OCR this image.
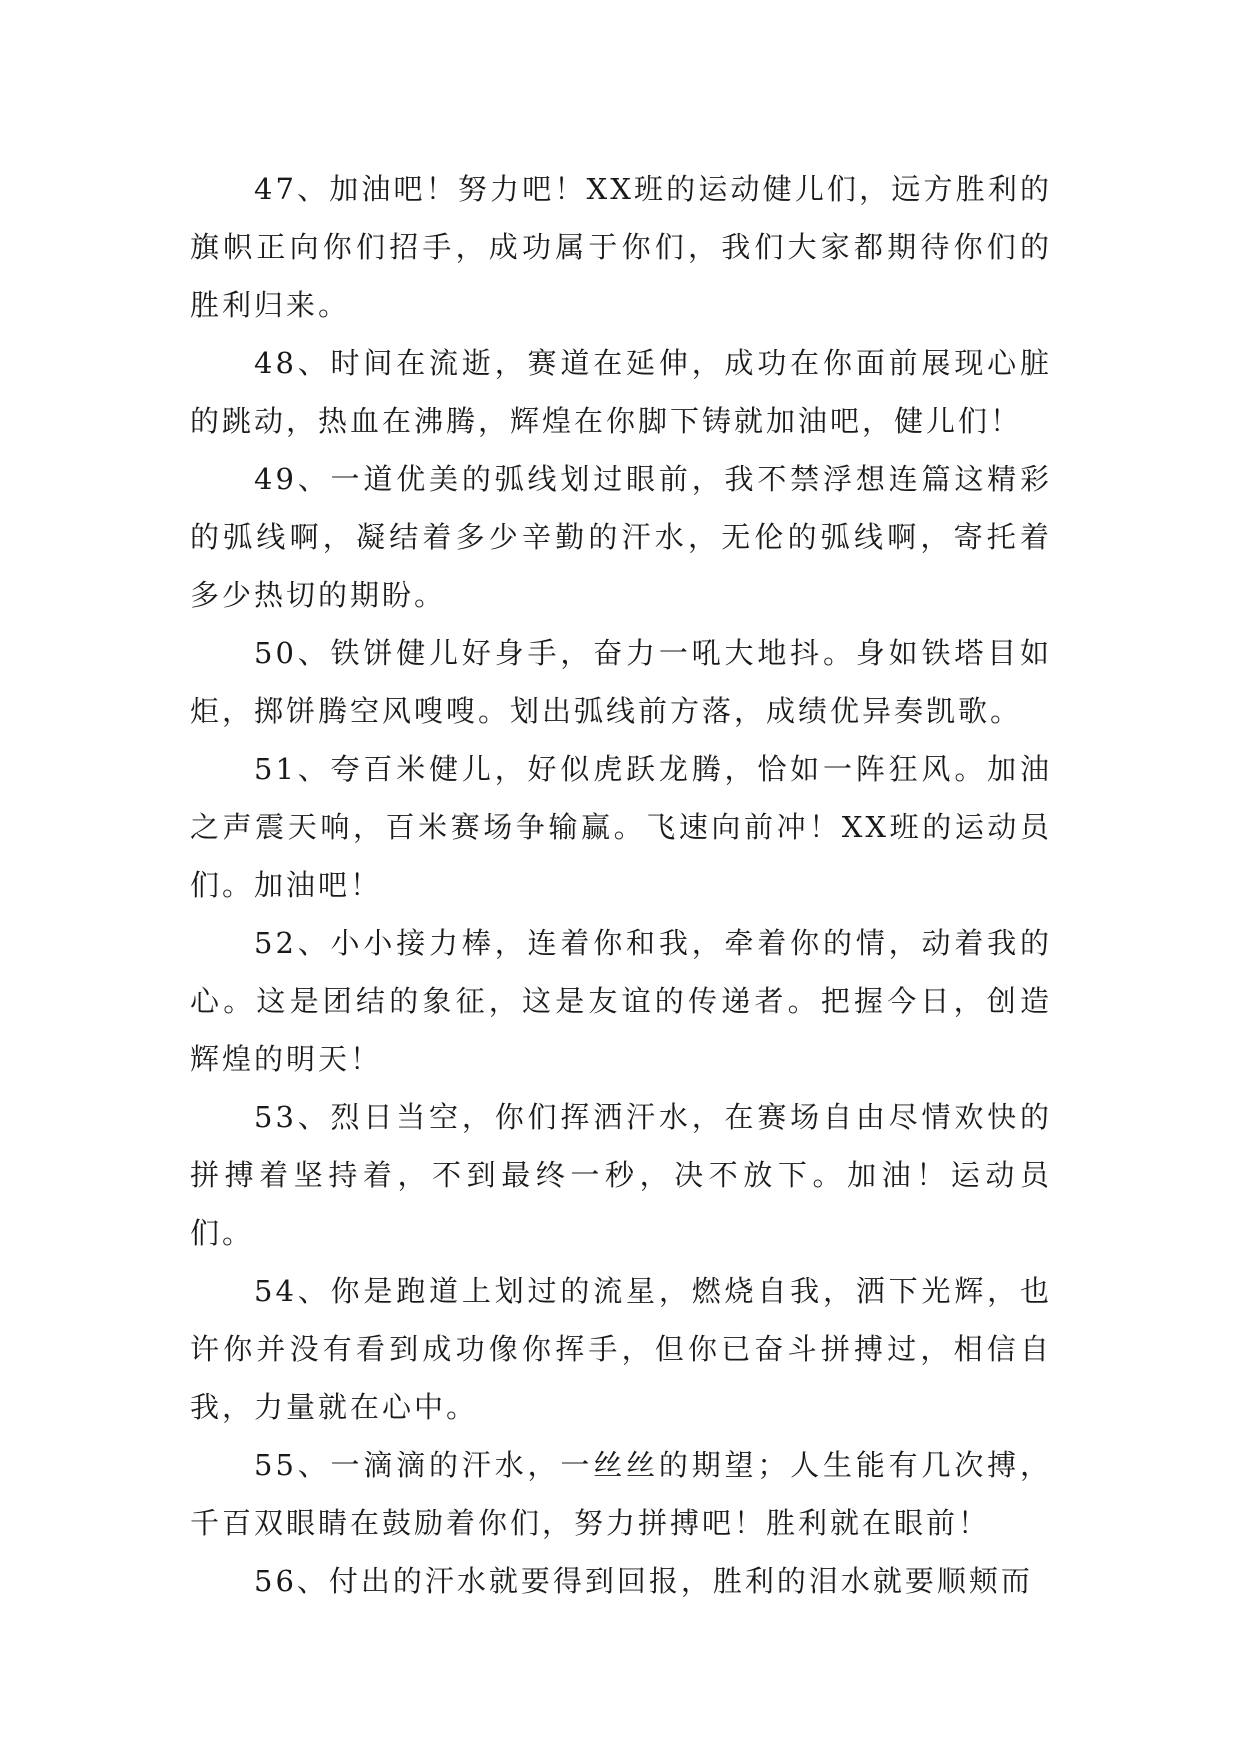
47、加油吧！努力吧！XX班的运动健儿们，远方胜利的旗帜正向你们招手，成功属于你们，我们大家都期待你们的胜利归来。

48、时间在流逝，赛道在延伸，成功在你面前展现心脏的跳动，热血在沸腾，辉煌在你脚下铸就加油吧，健儿们！

49、一道优美的弧线划过眼前，我不禁浮想连篇这精彩的弧线啊，凝结着多少辛勤的汗水，无伦的弧线啊，寄托着多少热切的期盼。

50、铁饼健儿好身手，奋力一吼大地抖。身如铁塔目如炬，掷饼腾空风嗖嗖。划出弧线前方落，成绩优异奏凯歌。

51、夸百米健儿，好似虎跃龙腾，恰如一阵狂风。加油之声震天响，百米赛场争输赢。飞速向前冲！XX班的运动员们。加油吧！

52、小小接力棒，连着你和我，牵着你的情，动着我的心。这是团结的象征，这是友谊的传递者。把握今日，创造辉煌的明天！

53、烈日当空，你们挥洒汗水，在赛场自由尽情欢快的拼搏着坚持着，不到最终一秒，决不放下。加油！运动员们。

54、你是跑道上划过的流星，燃烧自我，洒下光辉，也许你并没有看到成功像你挥手，但你已奋斗拼搏过，相信自我，力量就在心中。

55、一滴滴的汗水，一丝丝的期望；人生能有几次搏，千百双眼睛在鼓励着你们，努力拼搏吧！胜利就在眼前！

56、付出的汗水就要得到回报，胜利的泪水就要顺颊而
